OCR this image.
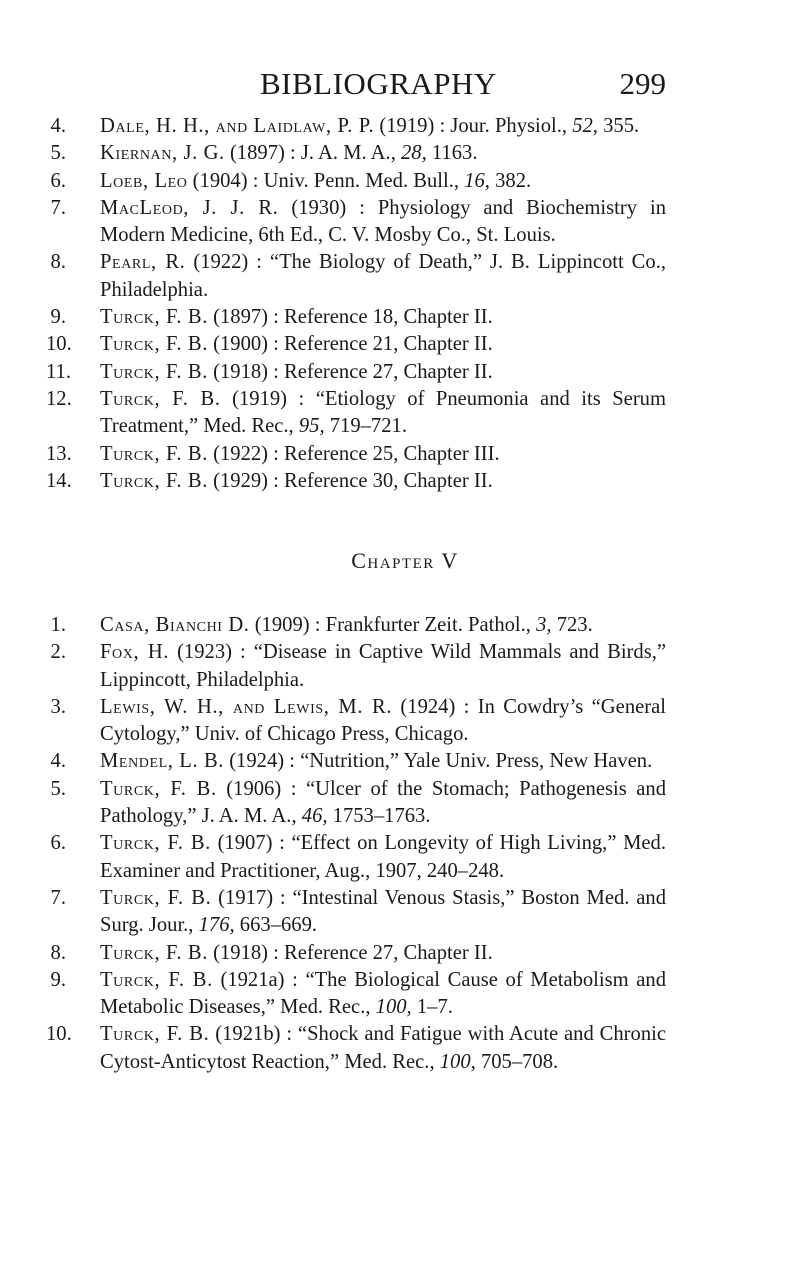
BIBLIOGRAPHY	299
4. Dale, H. H., and Laidlaw, P. P. (1919) : Jour. Physiol., 52, 355.
5. Kiernan, J. G. (1897) : J. A. M. A., 28, 1163.
6. Loeb, Leo (1904) : Univ. Penn. Med. Bull., 16, 382.
7. MacLeod, J. J. R. (1930) : Physiology and Biochemistry in Modern Medicine, 6th Ed., C. V. Mosby Co., St. Louis.
8. Pearl, R. (1922) : “The Biology of Death,” J. B. Lippincott Co., Philadelphia.
9. Turck, F. B. (1897) : Reference 18, Chapter II.
10. Turck, F. B. (1900) : Reference 21, Chapter II.
11. Turck, F. B. (1918) : Reference 27, Chapter II.
12. Turck, F. B. (1919) : “Etiology of Pneumonia and its Serum Treatment,” Med. Rec., 95, 719–721.
13. Turck, F. B. (1922) : Reference 25, Chapter III.
14. Turck, F. B. (1929) : Reference 30, Chapter II.
Chapter V
1. Casa, Bianchi D. (1909) : Frankfurter Zeit. Pathol., 3, 723.
2. Fox, H. (1923) : “Disease in Captive Wild Mammals and Birds,” Lippincott, Philadelphia.
3. Lewis, W. H., and Lewis, M. R. (1924) : In Cowdry’s “General Cytology,” Univ. of Chicago Press, Chicago.
4. Mendel, L. B. (1924) : “Nutrition,” Yale Univ. Press, New Haven.
5. Turck, F. B. (1906) : “Ulcer of the Stomach; Pathogenesis and Pathology,” J. A. M. A., 46, 1753–1763.
6. Turck, F. B. (1907) : “Effect on Longevity of High Living,” Med. Examiner and Practitioner, Aug., 1907, 240–248.
7. Turck, F. B. (1917) : “Intestinal Venous Stasis,” Boston Med. and Surg. Jour., 176, 663–669.
8. Turck, F. B. (1918) : Reference 27, Chapter II.
9. Turck, F. B. (1921a) : “The Biological Cause of Metabolism and Metabolic Diseases,” Med. Rec., 100, 1–7.
10. Turck, F. B. (1921b) : “Shock and Fatigue with Acute and Chronic Cytost-Anticytost Reaction,” Med. Rec., 100, 705–708.
